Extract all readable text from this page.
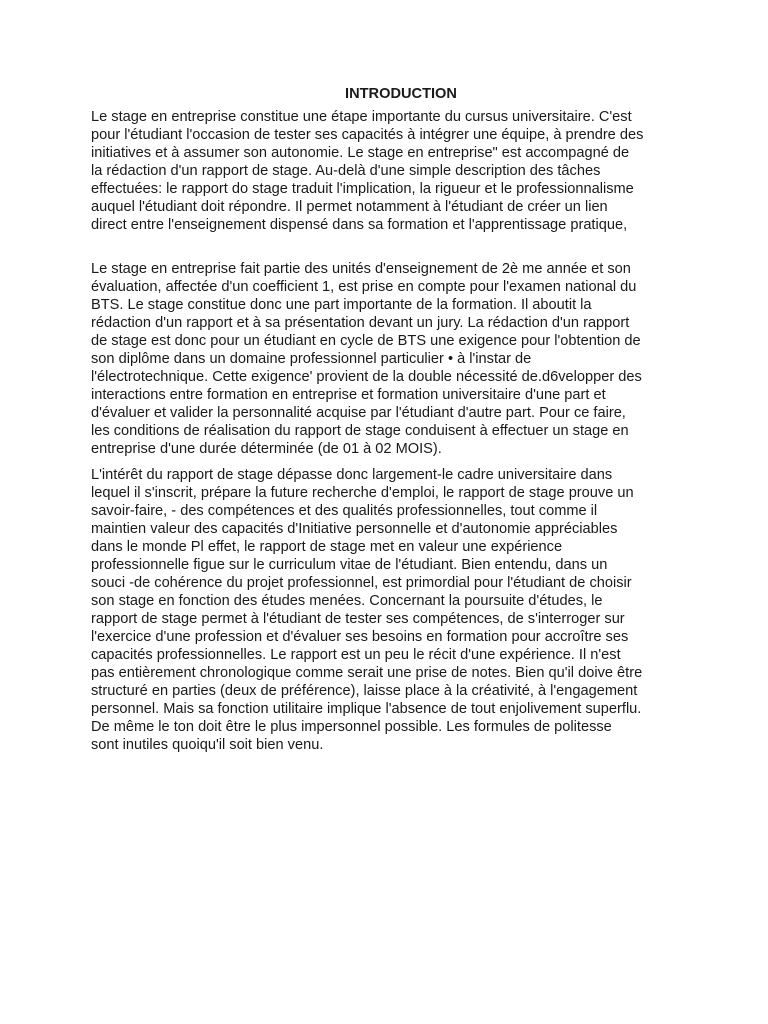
INTRODUCTION

Le stage en entreprise constitue une étape importante du cursus universitaire. C'est
pour l'étudiant l'occasion de tester ses capacités à intégrer une équipe, à prendre des
initiatives et à assumer son autonomie. Le stage en entreprise" est accompagné de
la rédaction d'un rapport de stage. Au-delà d'une simple description des tâches
effectuées: le rapport do stage traduit l'implication, la rigueur et le professionnalisme
auquel l'étudiant doit répondre. Il permet notamment à l'étudiant de créer un lien
direct entre l'enseignement dispensé dans sa formation et l'apprentissage pratique,

Le stage en entreprise fait partie des unités d'enseignement de 2è me année et son
évaluation, affectée d'un coefficient 1, est prise en compte pour l'examen national du
BTS. Le stage constitue donc une part importante de la formation. Il aboutit la
rédaction d'un rapport et à sa présentation devant un jury. La rédaction d'un rapport
de stage est donc pour un étudiant en cycle de BTS une exigence pour l'obtention de
son diplôme dans un domaine professionnel particulier • à l'instar de
l'électrotechnique. Cette exigence' provient de la double nécessité de.d6velopper des
interactions entre formation en entreprise et formation universitaire d'une part et
d'évaluer et valider la personnalité acquise par l'étudiant d'autre part. Pour ce faire,
les conditions de réalisation du rapport de stage conduisent à effectuer un stage en
entreprise d'une durée déterminée (de 01 à 02 MOIS).

L'intérêt du rapport de stage dépasse donc largement-le cadre universitaire dans
lequel il s'inscrit, prépare la future recherche d'emploi, le rapport de stage prouve un
savoir-faire, - des compétences et des qualités professionnelles, tout comme il
maintien valeur des capacités d'Initiative personnelle et d'autonomie appréciables
dans le monde Pl effet, le rapport de stage met en valeur une expérience
professionnelle figue sur le curriculum vitae de l'étudiant. Bien entendu, dans un
souci -de cohérence du projet professionnel, est primordial pour l'étudiant de choisir
son stage en fonction des études menées. Concernant la poursuite d'études, le
rapport de stage permet à l'étudiant de tester ses compétences, de s'interroger sur
l'exercice d'une profession et d'évaluer ses besoins en formation pour accroître ses
capacités professionnelles. Le rapport est un peu le récit d'une expérience. Il n'est
pas entièrement chronologique comme serait une prise de notes. Bien qu'il doive être
structuré en parties (deux de préférence), laisse place à la créativité, à l'engagement
personnel. Mais sa fonction utilitaire implique l'absence de tout enjolivement superflu.
De même le ton doit être le plus impersonnel possible. Les formules de politesse
sont inutiles quoiqu'il soit bien venu.
